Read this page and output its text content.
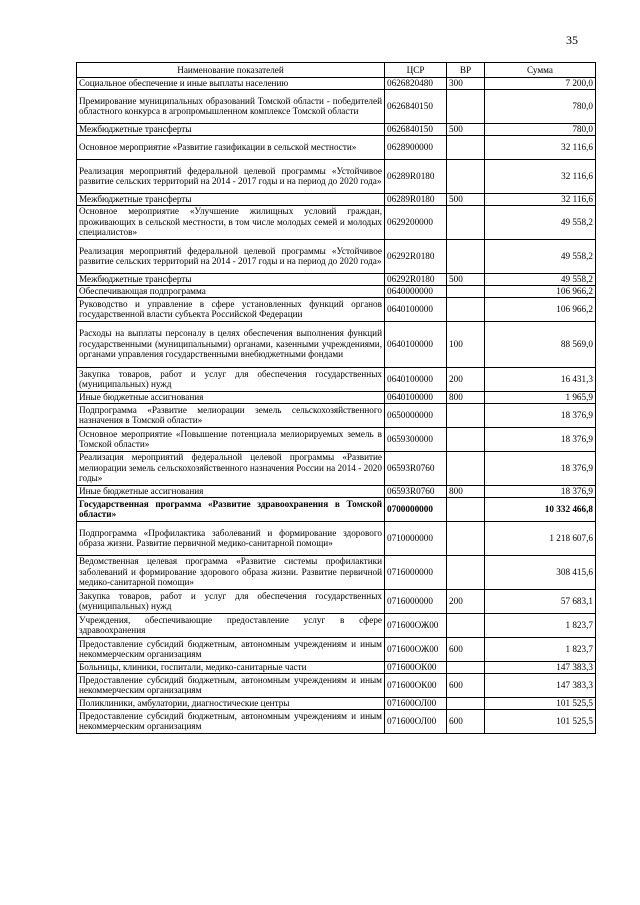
35
Наименование показателей	ЦСР	ВР	Сумма
Социальное обеспечение и иные выплаты населению	0626820480	300	7 200,0
Премирование муниципальных образований Томской области - победителей областного конкурса в агропромышленном комплексе Томской области	0626840150		780,0
Межбюджетные трансферты	0626840150	500	780,0
Основное мероприятие «Развитие газификации в сельской местности»	0628900000		32 116,6
Реализация мероприятий федеральной целевой программы «Устойчивое развитие сельских территорий на 2014 - 2017 годы и на период до 2020 года»	06289R0180		32 116,6
Межбюджетные трансферты	06289R0180	500	32 116,6
Основное мероприятие «Улучшение жилищных условий граждан, проживающих в сельской местности, в том числе молодых семей и молодых специалистов»	0629200000		49 558,2
Реализация мероприятий федеральной целевой программы «Устойчивое развитие сельских территорий на 2014 - 2017 годы и на период до 2020 года»	06292R0180		49 558,2
Межбюджетные трансферты	06292R0180	500	49 558,2
Обеспечивающая подпрограмма	0640000000		106 966,2
Руководство и управление в сфере установленных функций органов государственной власти субъекта Российской Федерации	0640100000		106 966,2
Расходы на выплаты персоналу в целях обеспечения выполнения функций государственными (муниципальными) органами, казенными учреждениями, органами управления государственными внебюджетными фондами	0640100000	100	88 569,0
Закупка товаров, работ и услуг для обеспечения государственных (муниципальных) нужд	0640100000	200	16 431,3
Иные бюджетные ассигнования	0640100000	800	1 965,9
Подпрограмма «Развитие мелиорации земель сельскохозяйственного назначения в Томской области»	0650000000		18 376,9
Основное мероприятие «Повышение потенциала мелиорируемых земель в Томской области»	0659300000		18 376,9
Реализация мероприятий федеральной целевой программы «Развитие мелиорации земель сельскохозяйственного назначения России на 2014 - 2020 годы»	06593R0760		18 376,9
Иные бюджетные ассигнования	06593R0760	800	18 376,9
Государственная программа «Развитие здравоохранения в Томской области»	0700000000		10 332 466,8
Подпрограмма «Профилактика заболеваний и формирование здорового образа жизни. Развитие первичной медико-санитарной помощи»	0710000000		1 218 607,6
Ведомственная целевая программа «Развитие системы профилактики заболеваний и формирование здорового образа жизни. Развитие первичной медико-санитарной помощи»	0716000000		308 415,6
Закупка товаров, работ и услуг для обеспечения государственных (муниципальных) нужд	0716000000	200	57 683,1
Учреждения, обеспечивающие предоставление услуг в сфере здравоохранения	071600ОЖ00		1 823,7
Предоставление субсидий бюджетным, автономным учреждениям и иным некоммерческим организациям	071600ОЖ00	600	1 823,7
Больницы, клиники, госпитали, медико-санитарные части	071600ОК00		147 383,3
Предоставление субсидий бюджетным, автономным учреждениям и иным некоммерческим организациям	071600ОК00	600	147 383,3
Поликлиники, амбулатории, диагностические центры	071600ОЛ00		101 525,5
Предоставление субсидий бюджетным, автономным учреждениям и иным некоммерческим организациям	071600ОЛ00	600	101 525,5
